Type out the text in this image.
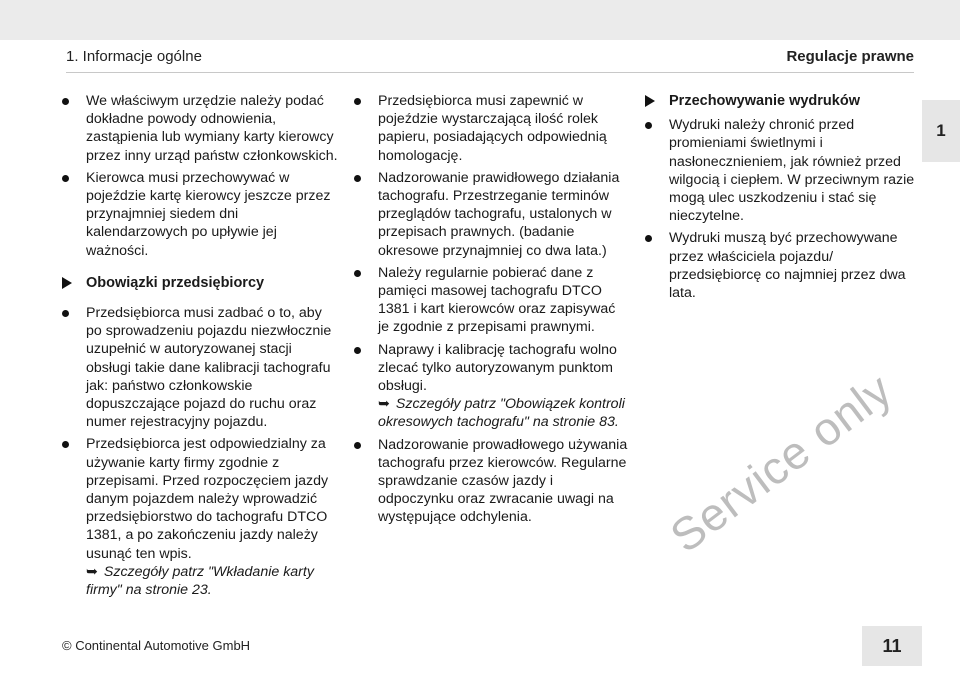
1. Informacje ogólne	Regulacje prawne
We właściwym urzędzie należy podać dokładne powody odnowienia, zastąpienia lub wymiany karty kierowcy przez inny urząd państw członkowskich.
Kierowca musi przechowywać w pojeździe kartę kierowcy jeszcze przez przynajmniej siedem dni kalendarzowych po upływie jej ważności.
Obowiązki przedsiębiorcy
Przedsiębiorca musi zadbać o to, aby po sprowadzeniu pojazdu niezwłocznie uzupełnić w autoryzowanej stacji obsługi takie dane kalibracji tachografu jak: państwo członkowskie dopuszczające pojazd do ruchu oraz numer rejestracyjny pojazdu.
Przedsiębiorca jest odpowiedzialny za używanie karty firmy zgodnie z przepisami. Przed rozpoczęciem jazdy danym pojazdem należy wprowadzić przedsiębiorstwo do tachografu DTCO 1381, a po zakończeniu jazdy należy usunąć ten wpis.
➥ Szczegóły patrz "Wkładanie karty firmy" na stronie 23.
Przedsiębiorca musi zapewnić w pojeździe wystarczającą ilość rolek papieru, posiadających odpowiednią homologację.
Nadzorowanie prawidłowego działania tachografu. Przestrzeganie terminów przeglądów tachografu, ustalonych w przepisach prawnych. (badanie okresowe przynajmniej co dwa lata.)
Należy regularnie pobierać dane z pamięci masowej tachografu DTCO 1381 i kart kierowców oraz zapisywać je zgodnie z przepisami prawnymi.
Naprawy i kalibrację tachografu wolno zlecać tylko autoryzowanym punktom obsługi.
➥ Szczegóły patrz "Obowiązek kontroli okresowych tachografu" na stronie 83.
Nadzorowanie prowadłowego używania tachografu przez kierowców. Regularne sprawdzanie czasów jazdy i odpoczynku oraz zwracanie uwagi na występujące odchylenia.
Przechowywanie wydruków
Wydruki należy chronić przed promieniami świetlnymi i nasłonecznieniem, jak również przed wilgocią i ciepłem. W przeciwnym razie mogą ulec uszkodzeniu i stać się nieczytelne.
Wydruki muszą być przechowywane przez właściciela pojazdu/ przedsiębiorcę co najmniej przez dwa lata.
1
Service only
© Continental Automotive GmbH	11
